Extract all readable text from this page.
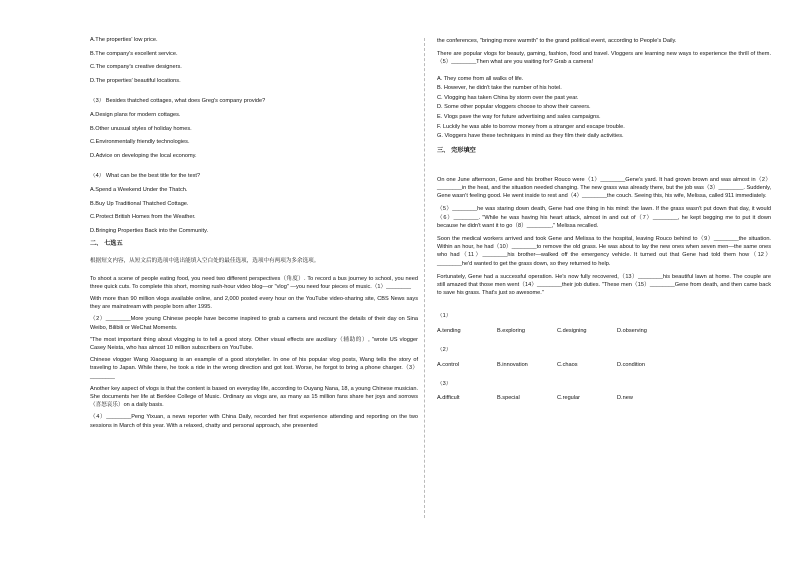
A.The properties' low price.
B.The company's excellent service.
C.The company's creative designers.
D.The properties' beautiful locations.
（3） Besides thatched cottages, what does Greg's company provide?
A.Design plans for modern cottages.
B.Other unusual styles of holiday homes.
C.Environmentally friendly technologies.
D.Advice on developing the local economy.
（4） What can be the best title for the text?
A.Spend a Weekend Under the Thatch.
B.Buy Up Traditional Thatched Cottage.
C.Protect British Homes from the Weather.
D.Bringing Properties Back into the Community.
二、 七选五
根据短文内容，从短文后的选项中选出能填入空白处的最佳选项，选项中有两项为多余选项。
To shoot a scene of people eating food, you need two different perspectives（角度）. To record a bus journey to school, you need three quick cuts. To complete this short, morning rush-hour video blog—or "vlog" —you need four pieces of music.（1）________
With more than 90 million vlogs available online, and 2,000 posted every hour on the YouTube video-sharing site, CBS News says they are mainstream with people born after 1995.
（2）________More young Chinese people have become inspired to grab a camera and recount the details of their day on Sina Weibo, Bilibili or WeChat Moments.
"The most important thing about vlogging is to tell a good story. Other visual effects are auxiliary（辅助的）, "wrote US vlogger Casey Neista, who has almost 10 million subscribers on YouTube.
Chinese vlogger Wang Xiaoguang is an example of a good storyteller. In one of his popular vlog posts, Wang tells the story of traveling to Japan. While there, he took a ride in the wrong direction and got lost. Worse, he forgot to bring a phone charger.（3）________
Another key aspect of vlogs is that the content is based on everyday life, according to Ouyang Nana, 18, a young Chinese musician. She documents her life at Berklee College of Music. Ordinary as vlogs are, as many as 15 million fans share her joys and sorrows（喜怒哀乐）on a daily basis.
（4）________Peng Yixuan, a news reporter with China Daily, recorded her first experience attending and reporting on the two sessions in March of this year. With a relaxed, chatty and personal approach, she presented
the conferences, "bringing more warmth" to the grand political event, according to People's Daily.
There are popular vlogs for beauty, gaming, fashion, food and travel. Vloggers are learning new ways to experience the thrill of them.（5）________Then what are you waiting for? Grab a camera!
A. They come from all walks of life.
B. However, he didn't take the number of his hotel.
C. Vlogging has taken China by storm over the past year.
D. Some other popular vloggers choose to show their careers.
E. Vlogs pave the way for future advertising and sales campaigns.
F. Luckily he was able to borrow money from a stranger and escape trouble.
G. Vloggers have these techniques in mind as they film their daily activities.
三、 完形填空
On one June afternoon, Gene and his brother Rouco were（1）________Gene's yard. It had grown brown and was almost in（2）________in the heat, and the situation needed changing. The new grass was already there, but the job was（3）________. Suddenly, Gene wasn't feeling good. He went inside to rest and（4）________the couch. Seeing this, his wife, Melissa, called 911 immediately.
（5）________he was staring down death, Gene had one thing in his mind: the lawn. If the grass wasn't put down that day, it would（6）________. "While he was having his heart attack, almost in and out of（7）________, he kept begging me to put it down because he didn't want it to go（8）________," Melissa recalled.
Soon the medical workers arrived and took Gene and Melissa to the hospital, leaving Rouco behind to（9）________the situation. Within an hour, he had（10）________to remove the old grass. He was about to lay the new ones when seven men—the same ones who had（11）________his brother—walked off the emergency vehicle. It turned out that Gene had told them how（12）________he'd wanted to get the grass down, so they returned to help.
Fortunately, Gene had a successful operation. He's now fully recovered,（13）________his beautiful lawn at home. The couple are still amazed that those men went（14）________their job duties. "These men（15）________Gene from death, and then came back to save his grass. That's just so awesome."
（1）
A.tending	B.exploring	C.designing	D.observing
（2）
A.control	B.innovation	C.chaos	D.condition
（3）
A.difficult	B.special	C.regular	D.new
